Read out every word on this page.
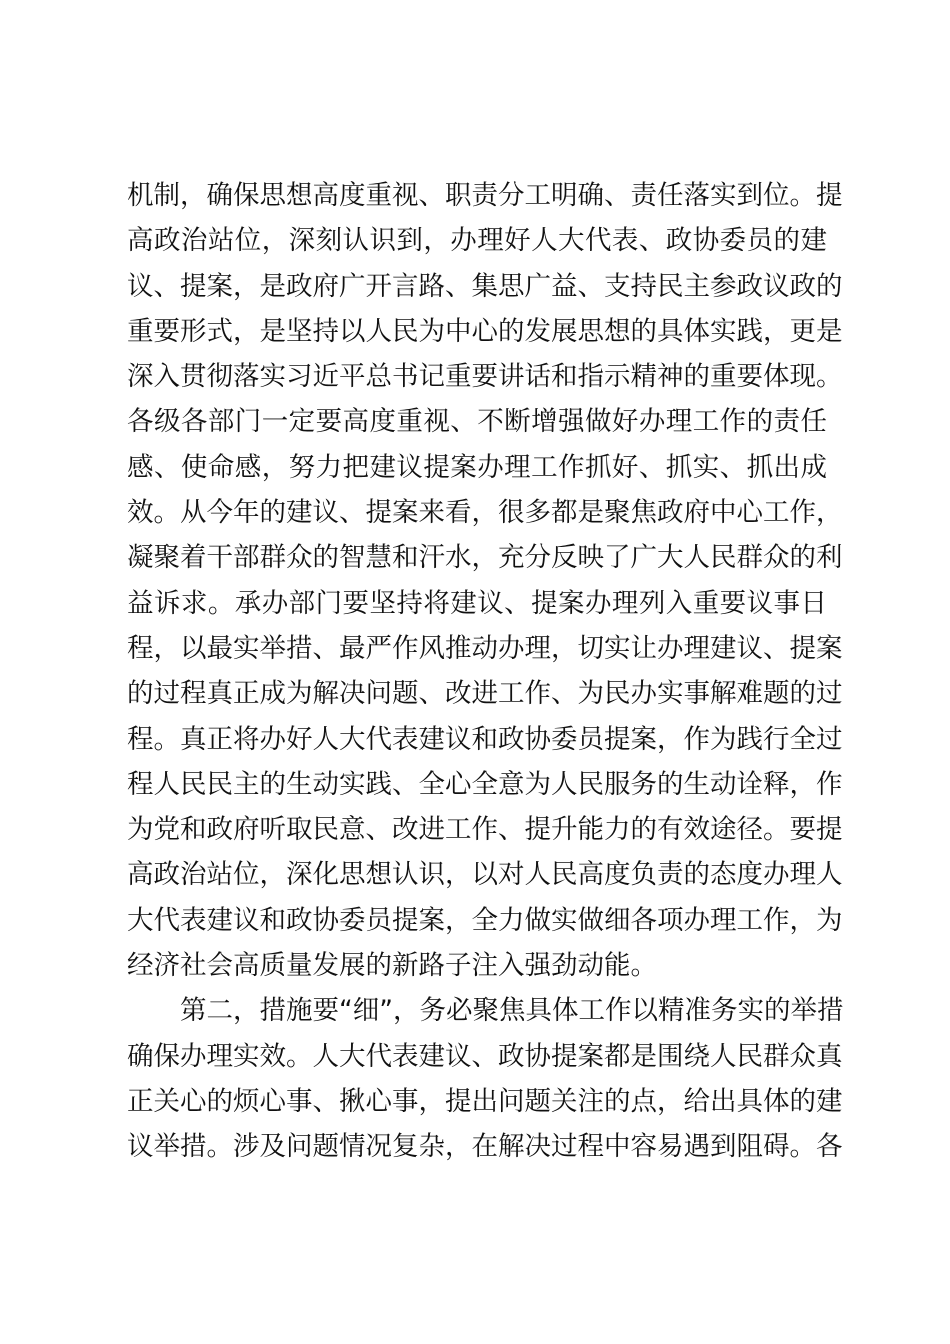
机制，确保思想高度重视、职责分工明确、责任落实到位。提
高政治站位，深刻认识到，办理好人大代表、政协委员的建
议、提案，是政府广开言路、集思广益、支持民主参政议政的
重要形式，是坚持以人民为中心的发展思想的具体实践，更是
深入贯彻落实习近平总书记重要讲话和指示精神的重要体现。
各级各部门一定要高度重视、不断增强做好办理工作的责任
感、使命感，努力把建议提案办理工作抓好、抓实、抓出成
效。从今年的建议、提案来看，很多都是聚焦政府中心工作，
凝聚着干部群众的智慧和汗水，充分反映了广大人民群众的利
益诉求。承办部门要坚持将建议、提案办理列入重要议事日
程，以最实举措、最严作风推动办理，切实让办理建议、提案
的过程真正成为解决问题、改进工作、为民办实事解难题的过
程。真正将办好人大代表建议和政协委员提案，作为践行全过
程人民民主的生动实践、全心全意为人民服务的生动诠释，作
为党和政府听取民意、改进工作、提升能力的有效途径。要提
高政治站位，深化思想认识，以对人民高度负责的态度办理人
大代表建议和政协委员提案，全力做实做细各项办理工作，为
经济社会高质量发展的新路子注入强劲动能。
第二，措施要“细”，务必聚焦具体工作以精准务实的举措
确保办理实效。人大代表建议、政协提案都是围绕人民群众真
正关心的烦心事、揪心事，提出问题关注的点，给出具体的建
议举措。涉及问题情况复杂，在解决过程中容易遇到阻碍。各
